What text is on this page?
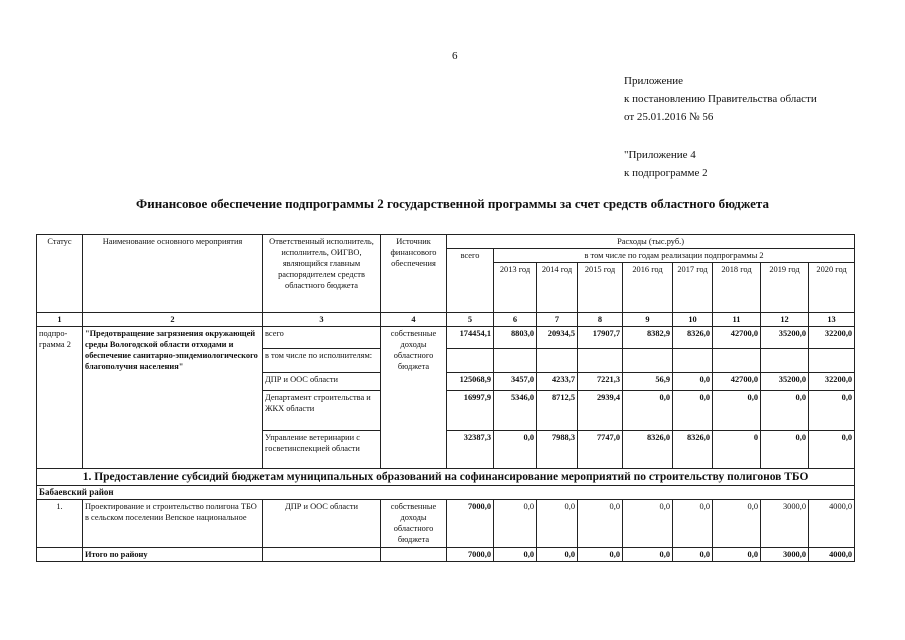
6
Приложение
к постановлению Правительства области
от 25.01.2016 № 56
"Приложение 4
к подпрограмме 2
Финансовое обеспечение подпрограммы 2 государственной программы за счет средств областного бюджета
Статус	Наименование основного мероприятия	Ответственный исполнитель, исполнитель, ОИГВО, являющийся главным распорядителем средств областного бюджета	Источник финансового обеспечения	Расходы (тыс.руб.)								
				всего	в том числе по годам реализации подпрограммы 2							
					2013 год	2014 год	2015 год	2016 год	2017 год	2018 год	2019 год	2020 год
1	2	3	4	5	6	7	8	9	10	11	12	13
подпро-грамма 2	"Предотвращение загрязнения окружающей среды Вологодской области отходами и обеспечение санитарно-эпидемиологического благополучия населения"	всего	собственные доходы областного бюджета	174454,1	8803,0	20934,5	17907,7	8382,9	8326,0	42700,0	35200,0	32200,0
		в том числе по исполнителям:										
		ДПР и ООС области		125068,9	3457,0	4233,7	7221,3	56,9	0,0	42700,0	35200,0	32200,0
		Департамент строительства и ЖКХ области		16997,9	5346,0	8712,5	2939,4	0,0	0,0	0,0	0,0	0,0
		Управление ветеринарии с госветинспекцией области		32387,3	0,0	7988,3	7747,0	8326,0	8326,0	0	0,0	0,0
1. Предоставление субсидий бюджетам муниципальных образований на софинансирование мероприятий по строительству полигонов ТБО												
Бабаевский район												
1.	Проектирование и строительство полигона ТБО в сельском поселении Вепское национальное	ДПР и ООС области	собственные доходы областного бюджета	7000,0	0,0	0,0	0,0	0,0	0,0	0,0	3000,0	4000,0
	Итого по району			7000,0	0,0	0,0	0,0	0,0	0,0	0,0	3000,0	4000,0
